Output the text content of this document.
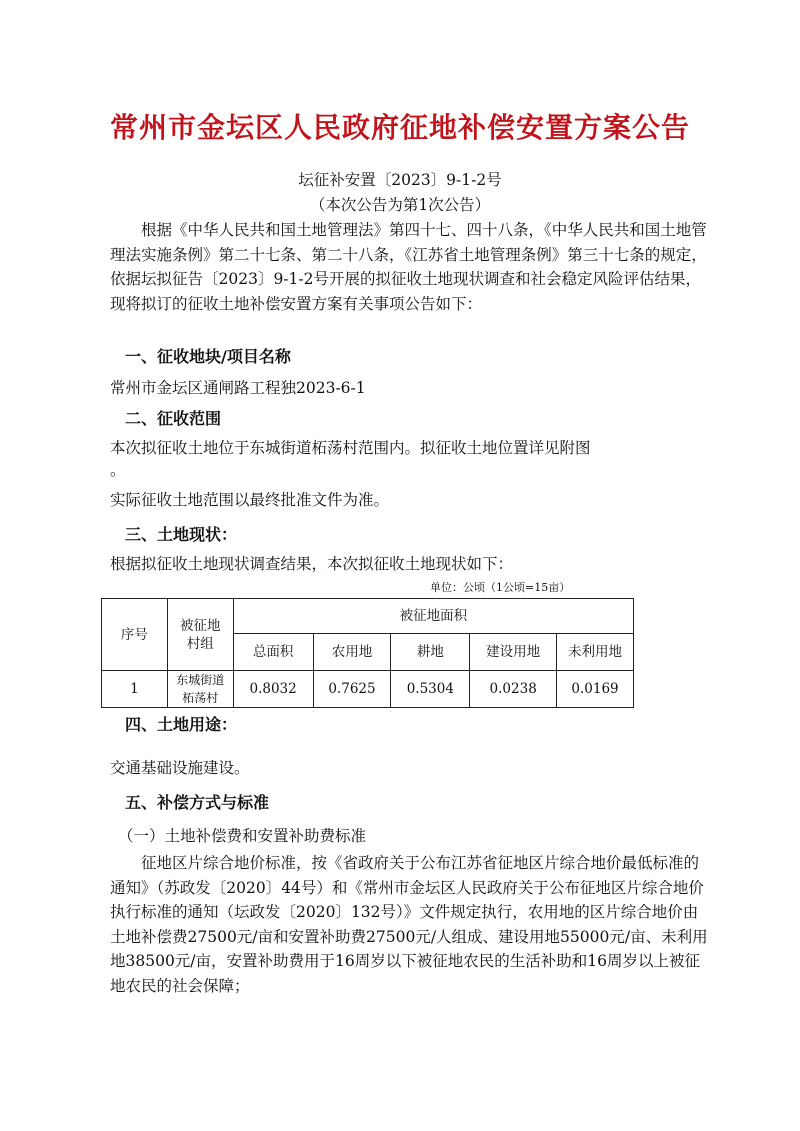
常州市金坛区人民政府征地补偿安置方案公告
坛征补安置〔2023〕9-1-2号
（本次公告为第1次公告）

根据《中华人民共和国土地管理法》第四十七、四十八条，《中华人民共和国土地管理法实施条例》第二十七条、第二十八条，《江苏省土地管理条例》第三十七条的规定，依据坛拟征告〔2023〕9-1-2号开展的拟征收土地现状调查和社会稳定风险评估结果，现将拟订的征收土地补偿安置方案有关事项公告如下：

一、征收地块/项目名称
常州市金坛区通闸路工程独2023-6-1
二、征收范围
本次拟征收土地位于东城街道柘荡村范围内。拟征收土地位置详见附图
。
实际征收土地范围以最终批准文件为准。
三、土地现状：
根据拟征收土地现状调查结果，本次拟征收土地现状如下：
单位：公顷（1公顷=15亩）
序号	被征地村组	被征地面积				
		总面积	农用地	耕地	建设用地	未利用地
1	东城街道柘荡村	0.8032	0.7625	0.5304	0.0238	0.0169
四、土地用途：
交通基础设施建设。
五、补偿方式与标准
（一）土地补偿费和安置补助费标准

征地区片综合地价标准，按《省政府关于公布江苏省征地区片综合地价最低标准的通知》（苏政发〔2020〕44号）和《常州市金坛区人民政府关于公布征地区片综合地价执行标准的通知（坛政发〔2020〕132号）》文件规定执行，农用地的区片综合地价由土地补偿费27500元/亩和安置补助费27500元/人组成、建设用地55000元/亩、未利用地38500元/亩，安置补助费用于16周岁以下被征地农民的生活补助和16周岁以上被征地农民的社会保障；
